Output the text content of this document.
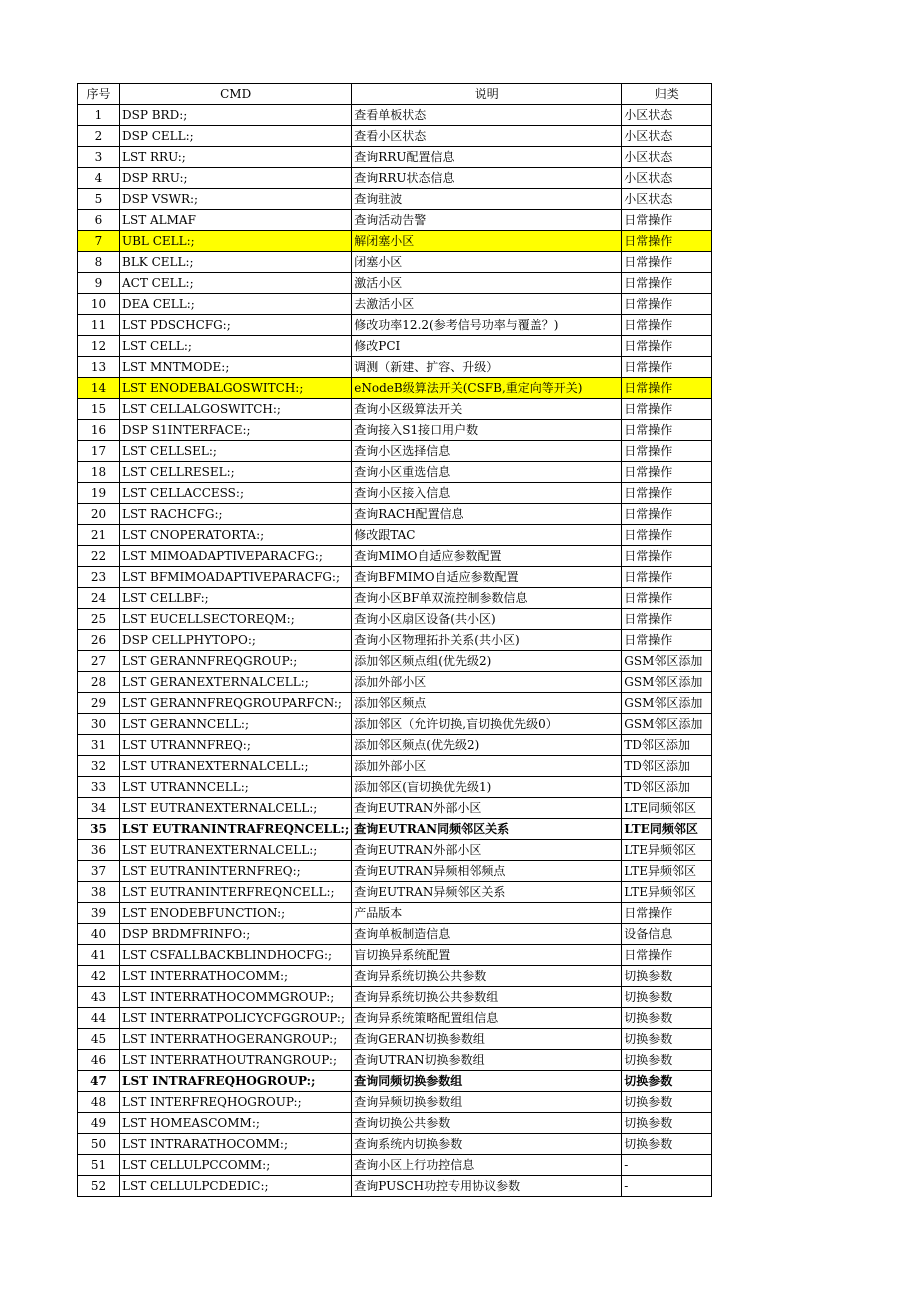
序号	CMD	说明	归类
1	DSP BRD:;	查看单板状态	小区状态
2	DSP CELL:;	查看小区状态	小区状态
3	LST RRU:;	查询RRU配置信息	小区状态
4	DSP RRU:;	查询RRU状态信息	小区状态
5	DSP VSWR:;	查询驻波	小区状态
6	LST ALMAF	查询活动告警	日常操作
7	UBL CELL:;	解闭塞小区	日常操作
8	BLK CELL:;	闭塞小区	日常操作
9	ACT CELL:;	激活小区	日常操作
10	DEA CELL:;	去激活小区	日常操作
11	LST PDSCHCFG:;	修改功率12.2(参考信号功率与覆盖？)	日常操作
12	LST CELL:;	修改PCI	日常操作
13	LST MNTMODE:;	调测（新建、扩容、升级）	日常操作
14	LST ENODEBALGOSWITCH:;	eNodeB级算法开关(CSFB,重定向等开关)	日常操作
15	LST CELLALGOSWITCH:;	查询小区级算法开关	日常操作
16	DSP S1INTERFACE:;	查询接入S1接口用户数	日常操作
17	LST CELLSEL:;	查询小区选择信息	日常操作
18	LST CELLRESEL:;	查询小区重选信息	日常操作
19	LST CELLACCESS:;	查询小区接入信息	日常操作
20	LST RACHCFG:;	查询RACH配置信息	日常操作
21	LST CNOPERATORTA:;	修改跟TAC	日常操作
22	LST MIMOADAPTIVEPARACFG:;	查询MIMO自适应参数配置	日常操作
23	LST BFMIMOADAPTIVEPARACFG:;	查询BFMIMO自适应参数配置	日常操作
24	LST CELLBF:;	查询小区BF单双流控制参数信息	日常操作
25	LST EUCELLSECTOREQM:;	查询小区扇区设备(共小区)	日常操作
26	DSP CELLPHYTOPO:;	查询小区物理拓扑关系(共小区)	日常操作
27	LST GERANNFREQGROUP:;	添加邻区频点组(优先级2)	GSM邻区添加
28	LST GERANEXTERNALCELL:;	添加外部小区	GSM邻区添加
29	LST GERANNFREQGROUPARFCN:;	添加邻区频点	GSM邻区添加
30	LST GERANNCELL:;	添加邻区（允许切换,盲切换优先级0）	GSM邻区添加
31	LST UTRANNFREQ:;	添加邻区频点(优先级2)	TD邻区添加
32	LST UTRANEXTERNALCELL:;	添加外部小区	TD邻区添加
33	LST UTRANNCELL:;	添加邻区(盲切换优先级1)	TD邻区添加
34	LST EUTRANEXTERNALCELL:;	查询EUTRAN外部小区	LTE同频邻区
35	LST EUTRANINTRAFREQNCELL:;	查询EUTRAN同频邻区关系	LTE同频邻区
36	LST EUTRANEXTERNALCELL:;	查询EUTRAN外部小区	LTE异频邻区
37	LST EUTRANINTERNFREQ:;	查询EUTRAN异频相邻频点	LTE异频邻区
38	LST EUTRANINTERFREQNCELL:;	查询EUTRAN异频邻区关系	LTE异频邻区
39	LST ENODEBFUNCTION:;	产品版本	日常操作
40	DSP BRDMFRINFO:;	查询单板制造信息	设备信息
41	LST CSFALLBACKBLINDHOCFG:;	盲切换异系统配置	日常操作
42	LST INTERRATHOCOMM:;	查询异系统切换公共参数	切换参数
43	LST INTERRATHOCOMMGROUP:;	查询异系统切换公共参数组	切换参数
44	LST INTERRATPOLICYCFGGROUP:;	查询异系统策略配置组信息	切换参数
45	LST INTERRATHOGERANGROUP:;	查询GERAN切换参数组	切换参数
46	LST INTERRATHOUTRANGROUP:;	查询UTRAN切换参数组	切换参数
47	LST INTRAFREQHOGROUP:;	查询同频切换参数组	切换参数
48	LST INTERFREQHOGROUP:;	查询异频切换参数组	切换参数
49	LST HOMEASCOMM:;	查询切换公共参数	切换参数
50	LST INTRARATHOCOMM:;	查询系统内切换参数	切换参数
51	LST CELLULPCCOMM:;	查询小区上行功控信息	-
52	LST CELLULPCDEDIC:;	查询PUSCH功控专用协议参数	-
